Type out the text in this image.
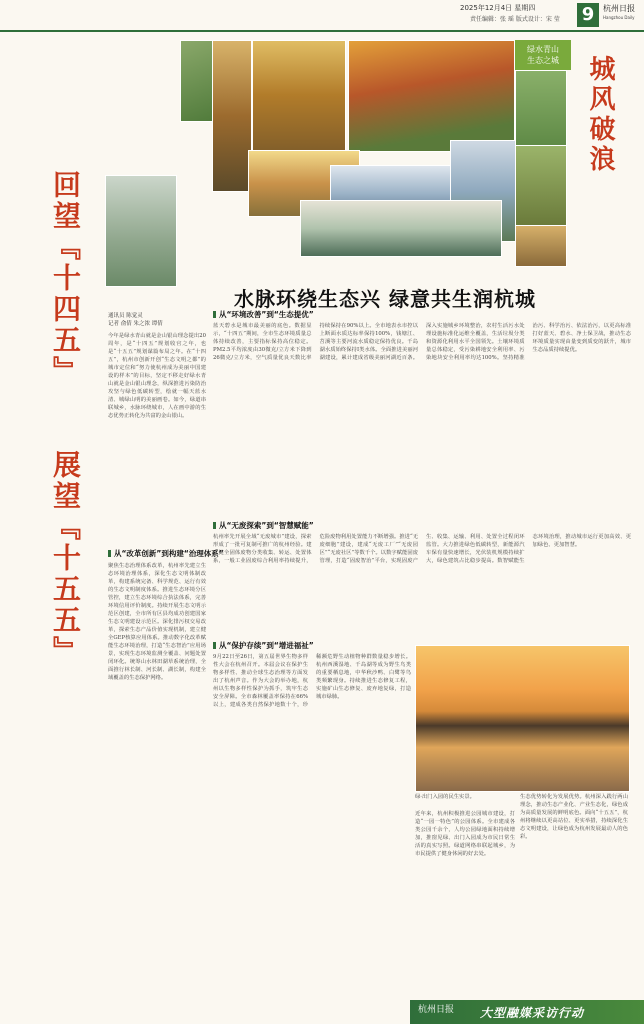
2025年12月4日 星期四
责任编辑：张 瑶 版式设计：宋 莹 9	杭州日报
Hangzhou Daily
回望『十四五』
展望『十五五』
绿水青山
生态之城	城风破浪
水脉环绕生态兴 绿意共生润杭城
通讯员 陈觉灵
记者 俞倩 朱之浓 谭倩
今年是绿水青山就是金山银山理念提出20周年，是“十四五”规划收官之年，也是“十五五”规划谋篇布局之年。在“十四五”，杭州市创新开创“生态文明之都”的城市定位和“努力使杭州成为美丽中国建设的样本”的目标，坚定不移走好绿水青山就是金山银山理念，纵深推进污染防治攻坚与绿色低碳转型，绘就一幅天蓝水清、城绿山明的美丽画卷。如今，绿道串联城乡，水脉环绕城市，人在画中游的生态优势正转化为共富的金山银山。
从“改革创新”到构建“治理体系”
聚焦生态治理体系改革，杭州率先建立生态环境治理体系，深化生态文明体制改革，构建系统完备、科学规范、运行有效的生态文明制度体系。推进生态环境分区管控，建立生态环境综合执法体系，完善环境信用评价制度。持续开展生态文明示范区创建，全市所有区县均成功创建国家生态文明建设示范区。深化排污权交易改革，探索生态产品价值实现机制，建立健全GEP核算应用体系。推动数字化改革赋能生态环境治理，打造“生态智治”应用场景，实现生态环境监测全覆盖、问题处置闭环化。统筹山水林田湖草系统治理，全面推行林长制、河长制、湖长制，构建全域覆盖的生态保护网络。
从“环境改善”到“生态提优”
蓝天碧水是城市最美丽的底色。数据显示，“十四五”期间，全市生态环境质量总体持续改善，主要指标保持高位稳定。PM2.5平均浓度由30微克/立方米下降到26微克/立方米，空气质量优良天数比率持续保持在90%以上。全市地表水市控以上断面水质达标率保持100%，钱塘江、苕溪等主要河流水质稳定保持优良。千岛湖水质始终保持Ⅰ类水体。全面推进美丽河湖建设，累计建成省级美丽河湖近百条。深入实施城乡环境整治，农村生活污水处理设施标准化运维全覆盖，生活垃圾分类和资源化利用水平全国领先。土壤环境质量总体稳定，受污染耕地安全利用率、污染地块安全利用率均达100%。坚持精准治污、科学治污、依法治污，以更高标准打好蓝天、碧水、净土保卫战，推动生态环境质量实现由量变到质变的跃升，城市生态品质持续提优。
从“无废探索”到“智慧赋能”
杭州率先开展全域“无废城市”建设，探索形成了一批可复制可推广的杭州经验。建立健全固体废物分类收集、转运、处置体系，一般工业固废综合利用率持续提升，危险废物利用处置能力不断增强。推进“无废细胞”建设，建成“无废工厂”“无废园区”“无废社区”等数千个。以数字赋能固废管理，打造“固废智治”平台，实现固废产生、收集、运输、利用、处置全过程闭环监管。大力推进绿色低碳转型，新能源汽车保有量快速增长，光伏装机规模持续扩大，绿色建筑占比稳步提高。数智赋能生态环境治理，推动城市运行更加高效、更加绿色、更加智慧。
从“保护存续”到“增进福祉”
9月22日至26日，第五届世界生物多样性大会在杭州召开。本届会议在保护生物多样性、推动全球生态治理等方面发出了杭州声音。作为大会的举办地，杭州以生物多样性保护为抓手，筑牢生态安全屏障。全市森林覆盖率保持在66%以上，建成各类自然保护地数十个，珍稀濒危野生动植物种群数量稳步增长。杭州西溪湿地、千岛湖等成为野生鸟类的重要栖息地，中华秋沙鸭、白鹭等鸟类频繁现身。持续推进生态修复工程，实施矿山生态修复、废弃地复绿，打造城市绿肺。
绿·出门入园的民生实景。
近年来，杭州积极推进公园城市建设，打造“一园一特色”的公园体系。全市建成各类公园千余个，人均公园绿地面积持续增加，推窗见绿、出门入园成为市民日常生活的真实写照。绿道网络串联起城乡，为市民提供了健身休闲的好去处。
生态优势转化为发展优势。杭州深入践行两山理念，推动生态产业化、产业生态化，绿色成为高质量发展的鲜明底色。面向“十五五”，杭州将继续以更高站位、更实举措，持续深化生态文明建设，让绿色成为杭州发展最动人的色彩。
杭州日报 大型融媒采访行动
